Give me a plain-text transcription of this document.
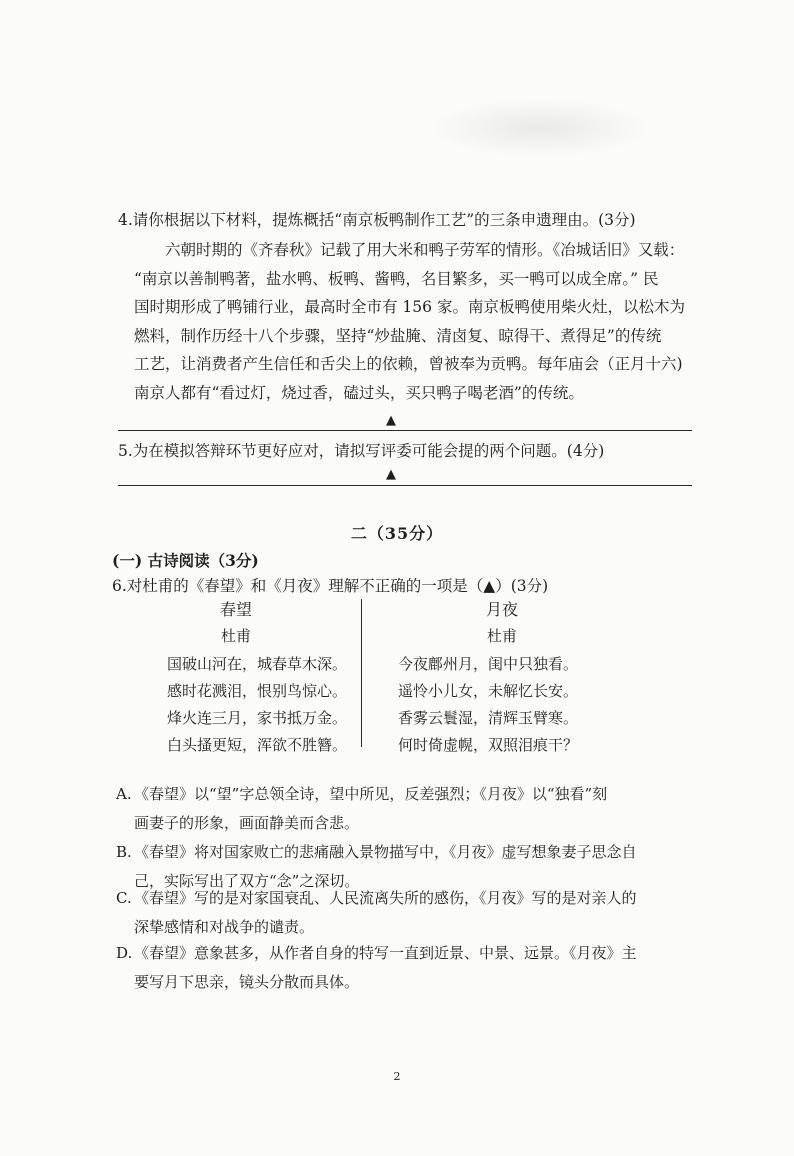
4.请你根据以下材料，提炼概括“南京板鸭制作工艺”的三条申遗理由。(3分)
六朝时期的《齐春秋》记载了用大米和鸭子劳军的情形。《冶城话旧》又载：
“南京以善制鸭著，盐水鸭、板鸭、酱鸭，名目繁多，买一鸭可以成全席。” 民
国时期形成了鸭铺行业，最高时全市有 156 家。南京板鸭使用柴火灶，以松木为
燃料，制作历经十八个步骤，坚持“炒盐腌、清卤复、晾得干、煮得足”的传统
工艺，让消费者产生信任和舌尖上的依赖，曾被奉为贡鸭。每年庙会（正月十六)
南京人都有“看过灯，烧过香，磕过头，买只鸭子喝老酒”的传统。
▲
5.为在模拟答辩环节更好应对，请拟写评委可能会提的两个问题。(4分)
▲
二（35分）
(一) 古诗阅读（3分)
6.对杜甫的《春望》和《月夜》理解不正确的一项是（▲）(3分)
春望
杜甫
国破山河在，城春草木深。
感时花溅泪，恨别鸟惊心。
烽火连三月，家书抵万金。
白头搔更短，浑欲不胜簪。
月夜
杜甫
今夜鄜州月，闺中只独看。
遥怜小儿女，未解忆长安。
香雾云鬟湿，清辉玉臂寒。
何时倚虚幌，双照泪痕干？
A. 《春望》以“望”字总领全诗，望中所见，反差强烈；《月夜》以“独看”刻
画妻子的形象，画面静美而含悲。
B. 《春望》将对国家败亡的悲痛融入景物描写中，《月夜》虚写想象妻子思念自
己，实际写出了双方“念”之深切。
C. 《春望》写的是对家国衰乱、人民流离失所的感伤，《月夜》写的是对亲人的
深挚感情和对战争的谴责。
D. 《春望》意象甚多，从作者自身的特写一直到近景、中景、远景。《月夜》主
要写月下思亲，镜头分散而具体。
2
